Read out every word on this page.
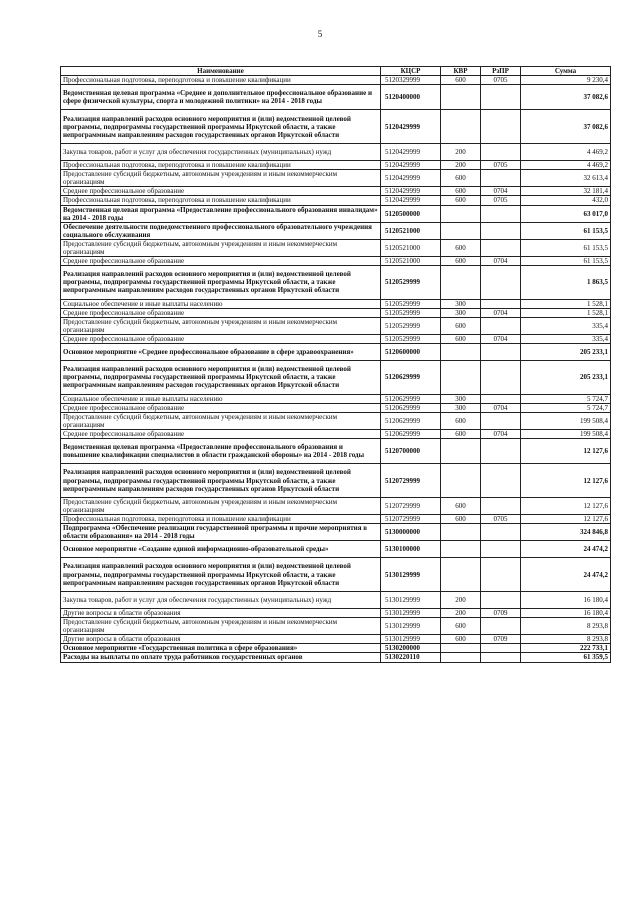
5
Наименование	КЦСР	КВР	РзПР	Сумма
Профессиональная подготовка, переподготовка и повышение квалификации	5120329999	600	0705	9 230,4
Ведомственная целевая программа «Среднее и дополнительное профессиональное образование и сфере физической культуры, спорта и молодежной политики» на 2014 - 2018 годы	5120400000			37 082,6
Реализация направлений расходов основного мероприятия и (или) ведомственной целевой программы, подпрограммы государственной программы Иркутской области, а также непрограммным направлениям расходов государственных органов Иркутской области	5120429999			37 082,6
Закупка товаров, работ и услуг для обеспечения государственных (муниципальных) нужд	5120429999	200		4 469,2
Профессиональная подготовка, переподготовка и повышение квалификации	5120429999	200	0705	4 469,2
Предоставление субсидий бюджетным, автономным учреждениям и иным некоммерческим организациям	5120429999	600		32 613,4
Среднее профессиональное образование	5120429999	600	0704	32 181,4
Профессиональная подготовка, переподготовка и повышение квалификации	5120429999	600	0705	432,0
Ведомственная целевая программа «Предоставление профессионального образования инвалидам» на 2014 - 2018 годы	5120500000			63 017,0
Обеспечение деятельности подведомственного профессионального образовательного учреждения социального обслуживания	5120521000			61 153,5
Предоставление субсидий бюджетным, автономным учреждениям и иным некоммерческим организациям	5120521000	600		61 153,5
Среднее профессиональное образование	5120521000	600	0704	61 153,5
Реализация направлений расходов основного мероприятия и (или) ведомственной целевой программы, подпрограммы государственной программы Иркутской области, а также непрограммным направлениям расходов государственных органов Иркутской области	5120529999			1 863,5
Социальное обеспечение и иные выплаты населению	5120529999	300		1 528,1
Среднее профессиональное образование	5120529999	300	0704	1 528,1
Предоставление субсидий бюджетным, автономным учреждениям и иным некоммерческим организациям	5120529999	600		335,4
Среднее профессиональное образование	5120529999	600	0704	335,4
Основное мероприятие «Среднее профессиональное образование в сфере здравоохранения»	5120600000			205 233,1
Реализация направлений расходов основного мероприятия и (или) ведомственной целевой программы, подпрограммы государственной программы Иркутской области, а также непрограммным направлениям расходов государственных органов Иркутской области	5120629999			205 233,1
Социальное обеспечение и иные выплаты населению	5120629999	300		5 724,7
Среднее профессиональное образование	5120629999	300	0704	5 724,7
Предоставление субсидий бюджетным, автономным учреждениям и иным некоммерческим организациям	5120629999	600		199 508,4
Среднее профессиональное образование	5120629999	600	0704	199 508,4
Ведомственная целевая программа «Предоставление профессионального образования и повышение квалификации специалистов в области гражданской обороны» на 2014 - 2018 годы	5120700000			12 127,6
Реализация направлений расходов основного мероприятия и (или) ведомственной целевой программы, подпрограммы государственной программы Иркутской области, а также непрограммным направлениям расходов государственных органов Иркутской области	5120729999			12 127,6
Предоставление субсидий бюджетным, автономным учреждениям и иным некоммерческим организациям	5120729999	600		12 127,6
Профессиональная подготовка, переподготовка и повышение квалификации	5120729999	600	0705	12 127,6
Подпрограмма «Обеспечение реализации государственной программы и прочие мероприятия в области образования» на 2014 - 2018 годы	5130000000			324 846,8
Основное мероприятие «Создание единой информационно-образовательной среды»	5130100000			24 474,2
Реализация направлений расходов основного мероприятия и (или) ведомственной целевой программы, подпрограммы государственной программы Иркутской области, а также непрограммным направлениям расходов государственных органов Иркутской области	5130129999			24 474,2
Закупка товаров, работ и услуг для обеспечения государственных (муниципальных) нужд	5130129999	200		16 180,4
Другие вопросы в области образования	5130129999	200	0709	16 180,4
Предоставление субсидий бюджетным, автономным учреждениям и иным некоммерческим организациям	5130129999	600		8 293,8
Другие вопросы в области образования	5130129999	600	0709	8 293,8
Основное мероприятие «Государственная политика в сфере образования»	5130200000			222 733,1
Расходы на выплаты по оплате труда работников государственных органов	5130220110			61 359,5
